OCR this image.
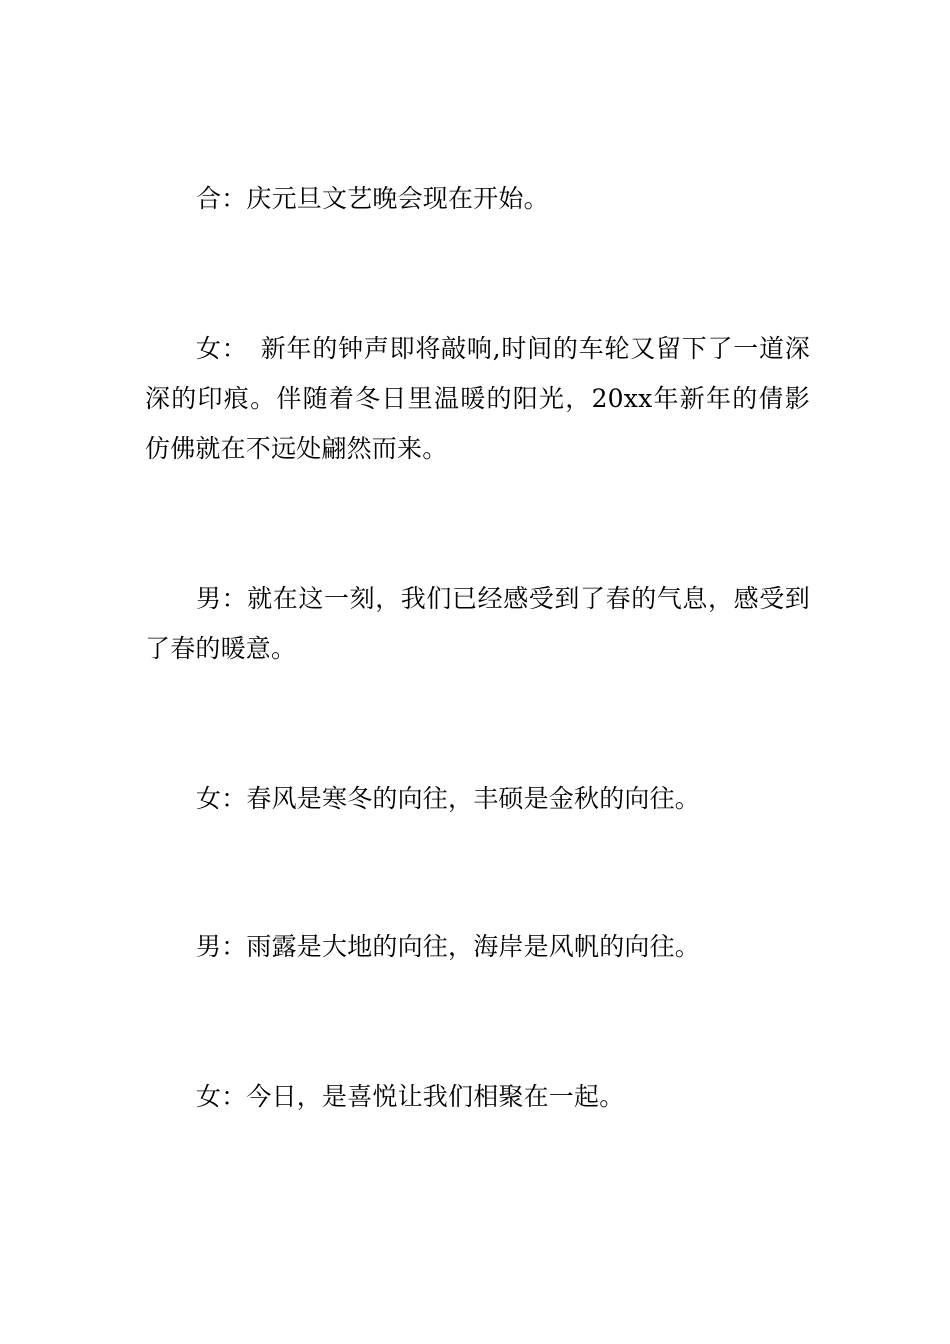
合：庆元旦文艺晚会现在开始。

女：　新年的钟声即将敲响,时间的车轮又留下了一道深深的印痕。伴随着冬日里温暖的阳光，20xx年新年的倩影仿佛就在不远处翩然而来。

男：就在这一刻，我们已经感受到了春的气息，感受到了春的暖意。

女：春风是寒冬的向往，丰硕是金秋的向往。

男：雨露是大地的向往，海岸是风帆的向往。

女：今日，是喜悦让我们相聚在一起。
